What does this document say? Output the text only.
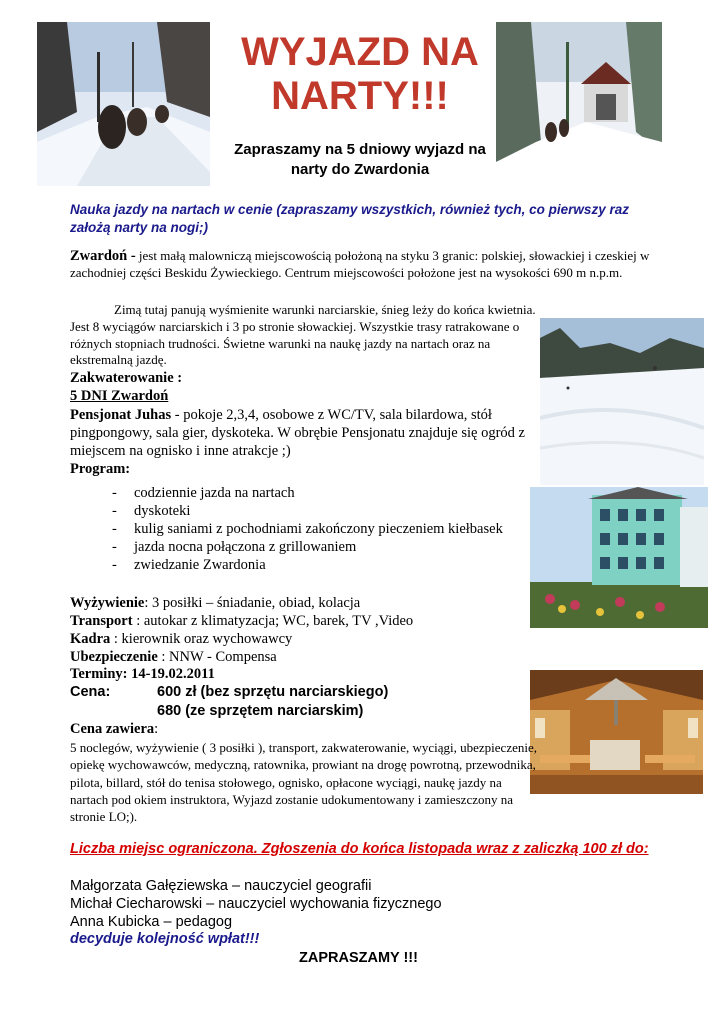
WYJAZD NA NARTY!!!
Zapraszamy na 5 dniowy wyjazd na narty do Zwardonia
Nauka jazdy na nartach w cenie (zapraszamy wszystkich, również tych, co pierwszy raz założą narty na nogi;)
Zwardoń - jest małą malowniczą miejscowością położoną na styku 3 granic: polskiej, słowackiej i czeskiej w zachodniej części Beskidu Żywieckiego. Centrum miejscowości położone jest na wysokości 690 m n.p.m.
Zimą tutaj panują wyśmienite warunki narciarskie, śnieg leży do końca kwietnia.
Jest 8 wyciągów narciarskich i 3 po stronie słowackiej. Wszystkie trasy ratrakowane o różnych stopniach trudności. Świetne warunki na naukę jazdy na nartach oraz na ekstremalną jazdę.
Zakwaterowanie :
5 DNI Zwardoń
Pensjonat Juhas - pokoje 2,3,4, osobowe z WC/TV, sala bilardowa, stół pingpongowy, sala gier, dyskoteka. W obrębie Pensjonatu znajduje się ogród z miejscem na ognisko i inne atrakcje ;)
Program:
- codziennie jazda na nartach
- dyskoteki
- kulig saniami z pochodniami zakończony pieczeniem kiełbasek
- jazda nocna połączona z grillowaniem
- zwiedzanie Zwardonia
Wyżywienie: 3 posiłki – śniadanie, obiad, kolacja
Transport : autokar z klimatyzacja; WC, barek, TV ,Video
Kadra : kierownik oraz wychowawcy
Ubezpieczenie : NNW - Compensa
Terminy: 14-19.02.2011
Cena:	600 zł (bez sprzętu narciarskiego)
680 (ze sprzętem narciarskim)
Cena zawiera:
5 noclegów, wyżywienie ( 3 posiłki ), transport, zakwaterowanie, wyciągi, ubezpieczenie, opiekę wychowawców, medyczną, ratownika, prowiant na drogę powrotną, przewodnika, pilota, billard, stół do tenisa stołowego, ognisko, opłacone wyciągi, naukę jazdy na nartach pod okiem instruktora, Wyjazd zostanie udokumentowany i zamieszczony na stronie LO;).
Liczba miejsc ograniczona. Zgłoszenia do końca listopada wraz z zaliczką 100 zł do:
Małgorzata Gałęziewska – nauczyciel geografii
Michał Ciecharowski – nauczyciel wychowania fizycznego
Anna Kubicka – pedagog
decyduje kolejność wpłat!!!
ZAPRASZAMY !!!
